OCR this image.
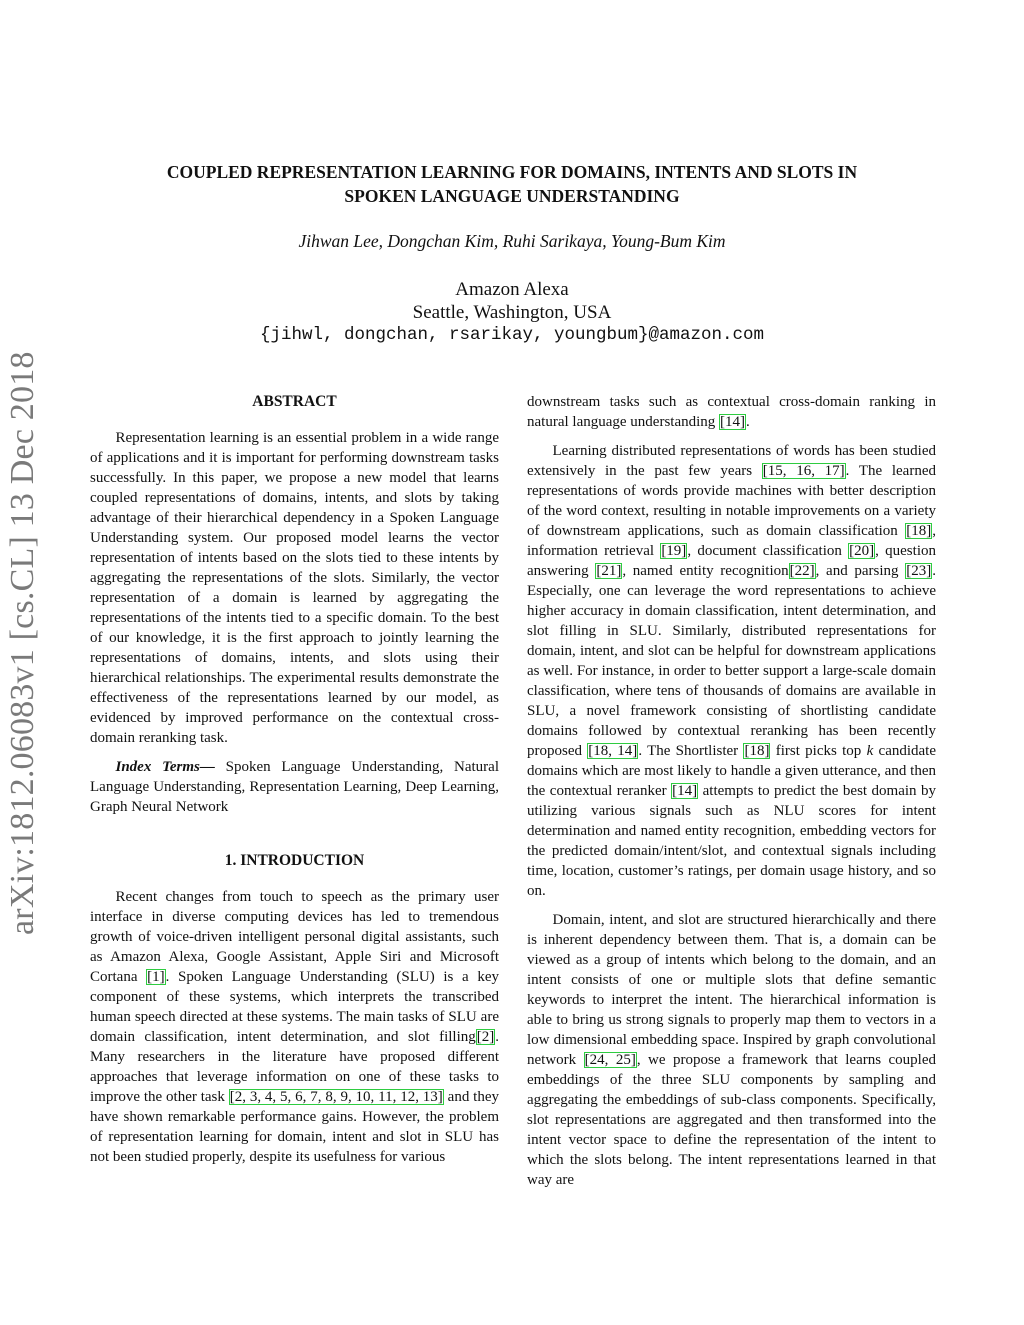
arXiv:1812.06083v1 [cs.CL] 13 Dec 2018
COUPLED REPRESENTATION LEARNING FOR DOMAINS, INTENTS AND SLOTS IN
SPOKEN LANGUAGE UNDERSTANDING
Jihwan Lee, Dongchan Kim, Ruhi Sarikaya, Young-Bum Kim
Amazon Alexa
Seattle, Washington, USA
{jihwl, dongchan, rsarikay, youngbum}@amazon.com
ABSTRACT

Representation learning is an essential problem in a wide range of applications and it is important for performing downstream tasks successfully. In this paper, we propose a new model that learns coupled representations of domains, intents, and slots by taking advantage of their hierarchical dependency in a Spoken Language Understanding system. Our proposed model learns the vector representation of intents based on the slots tied to these intents by aggregating the representations of the slots. Similarly, the vector representation of a domain is learned by aggregating the representations of the intents tied to a specific domain. To the best of our knowledge, it is the first approach to jointly learning the representations of domains, intents, and slots using their hierarchical relationships. The experimental results demonstrate the effectiveness of the representations learned by our model, as evidenced by improved performance on the contextual cross-domain reranking task.

Index Terms— Spoken Language Understanding, Natural Language Understanding, Representation Learning, Deep Learning, Graph Neural Network

1. INTRODUCTION

Recent changes from touch to speech as the primary user interface in diverse computing devices has led to tremendous growth of voice-driven intelligent personal digital assistants, such as Amazon Alexa, Google Assistant, Apple Siri and Microsoft Cortana [1]. Spoken Language Understanding (SLU) is a key component of these systems, which interprets the transcribed human speech directed at these systems. The main tasks of SLU are domain classification, intent determination, and slot filling[2]. Many researchers in the literature have proposed different approaches that leverage information on one of these tasks to improve the other task [2, 3, 4, 5, 6, 7, 8, 9, 10, 11, 12, 13] and they have shown remarkable performance gains. However, the problem of representation learning for domain, intent and slot in SLU has not been studied properly, despite its usefulness for various

downstream tasks such as contextual cross-domain ranking in natural language understanding [14].

Learning distributed representations of words has been studied extensively in the past few years [15, 16, 17]. The learned representations of words provide machines with better description of the word context, resulting in notable improvements on a variety of downstream applications, such as domain classification [18], information retrieval [19], document classification [20], question answering [21], named entity recognition[22], and parsing [23]. Especially, one can leverage the word representations to achieve higher accuracy in domain classification, intent determination, and slot filling in SLU. Similarly, distributed representations for domain, intent, and slot can be helpful for downstream applications as well. For instance, in order to better support a large-scale domain classification, where tens of thousands of domains are available in SLU, a novel framework consisting of shortlisting candidate domains followed by contextual reranking has been recently proposed [18, 14]. The Shortlister [18] first picks top k candidate domains which are most likely to handle a given utterance, and then the contextual reranker [14] attempts to predict the best domain by utilizing various signals such as NLU scores for intent determination and named entity recognition, embedding vectors for the predicted domain/intent/slot, and contextual signals including time, location, customer’s ratings, per domain usage history, and so on.

Domain, intent, and slot are structured hierarchically and there is inherent dependency between them. That is, a domain can be viewed as a group of intents which belong to the domain, and an intent consists of one or multiple slots that define semantic keywords to interpret the intent. The hierarchical information is able to bring us strong signals to properly map them to vectors in a low dimensional embedding space. Inspired by graph convolutional network [24, 25], we propose a framework that learns coupled embeddings of the three SLU components by sampling and aggregating the embeddings of sub-class components. Specifically, slot representations are aggregated and then transformed into the intent vector space to define the representation of the intent to which the slots belong. The intent representations learned in that way are
